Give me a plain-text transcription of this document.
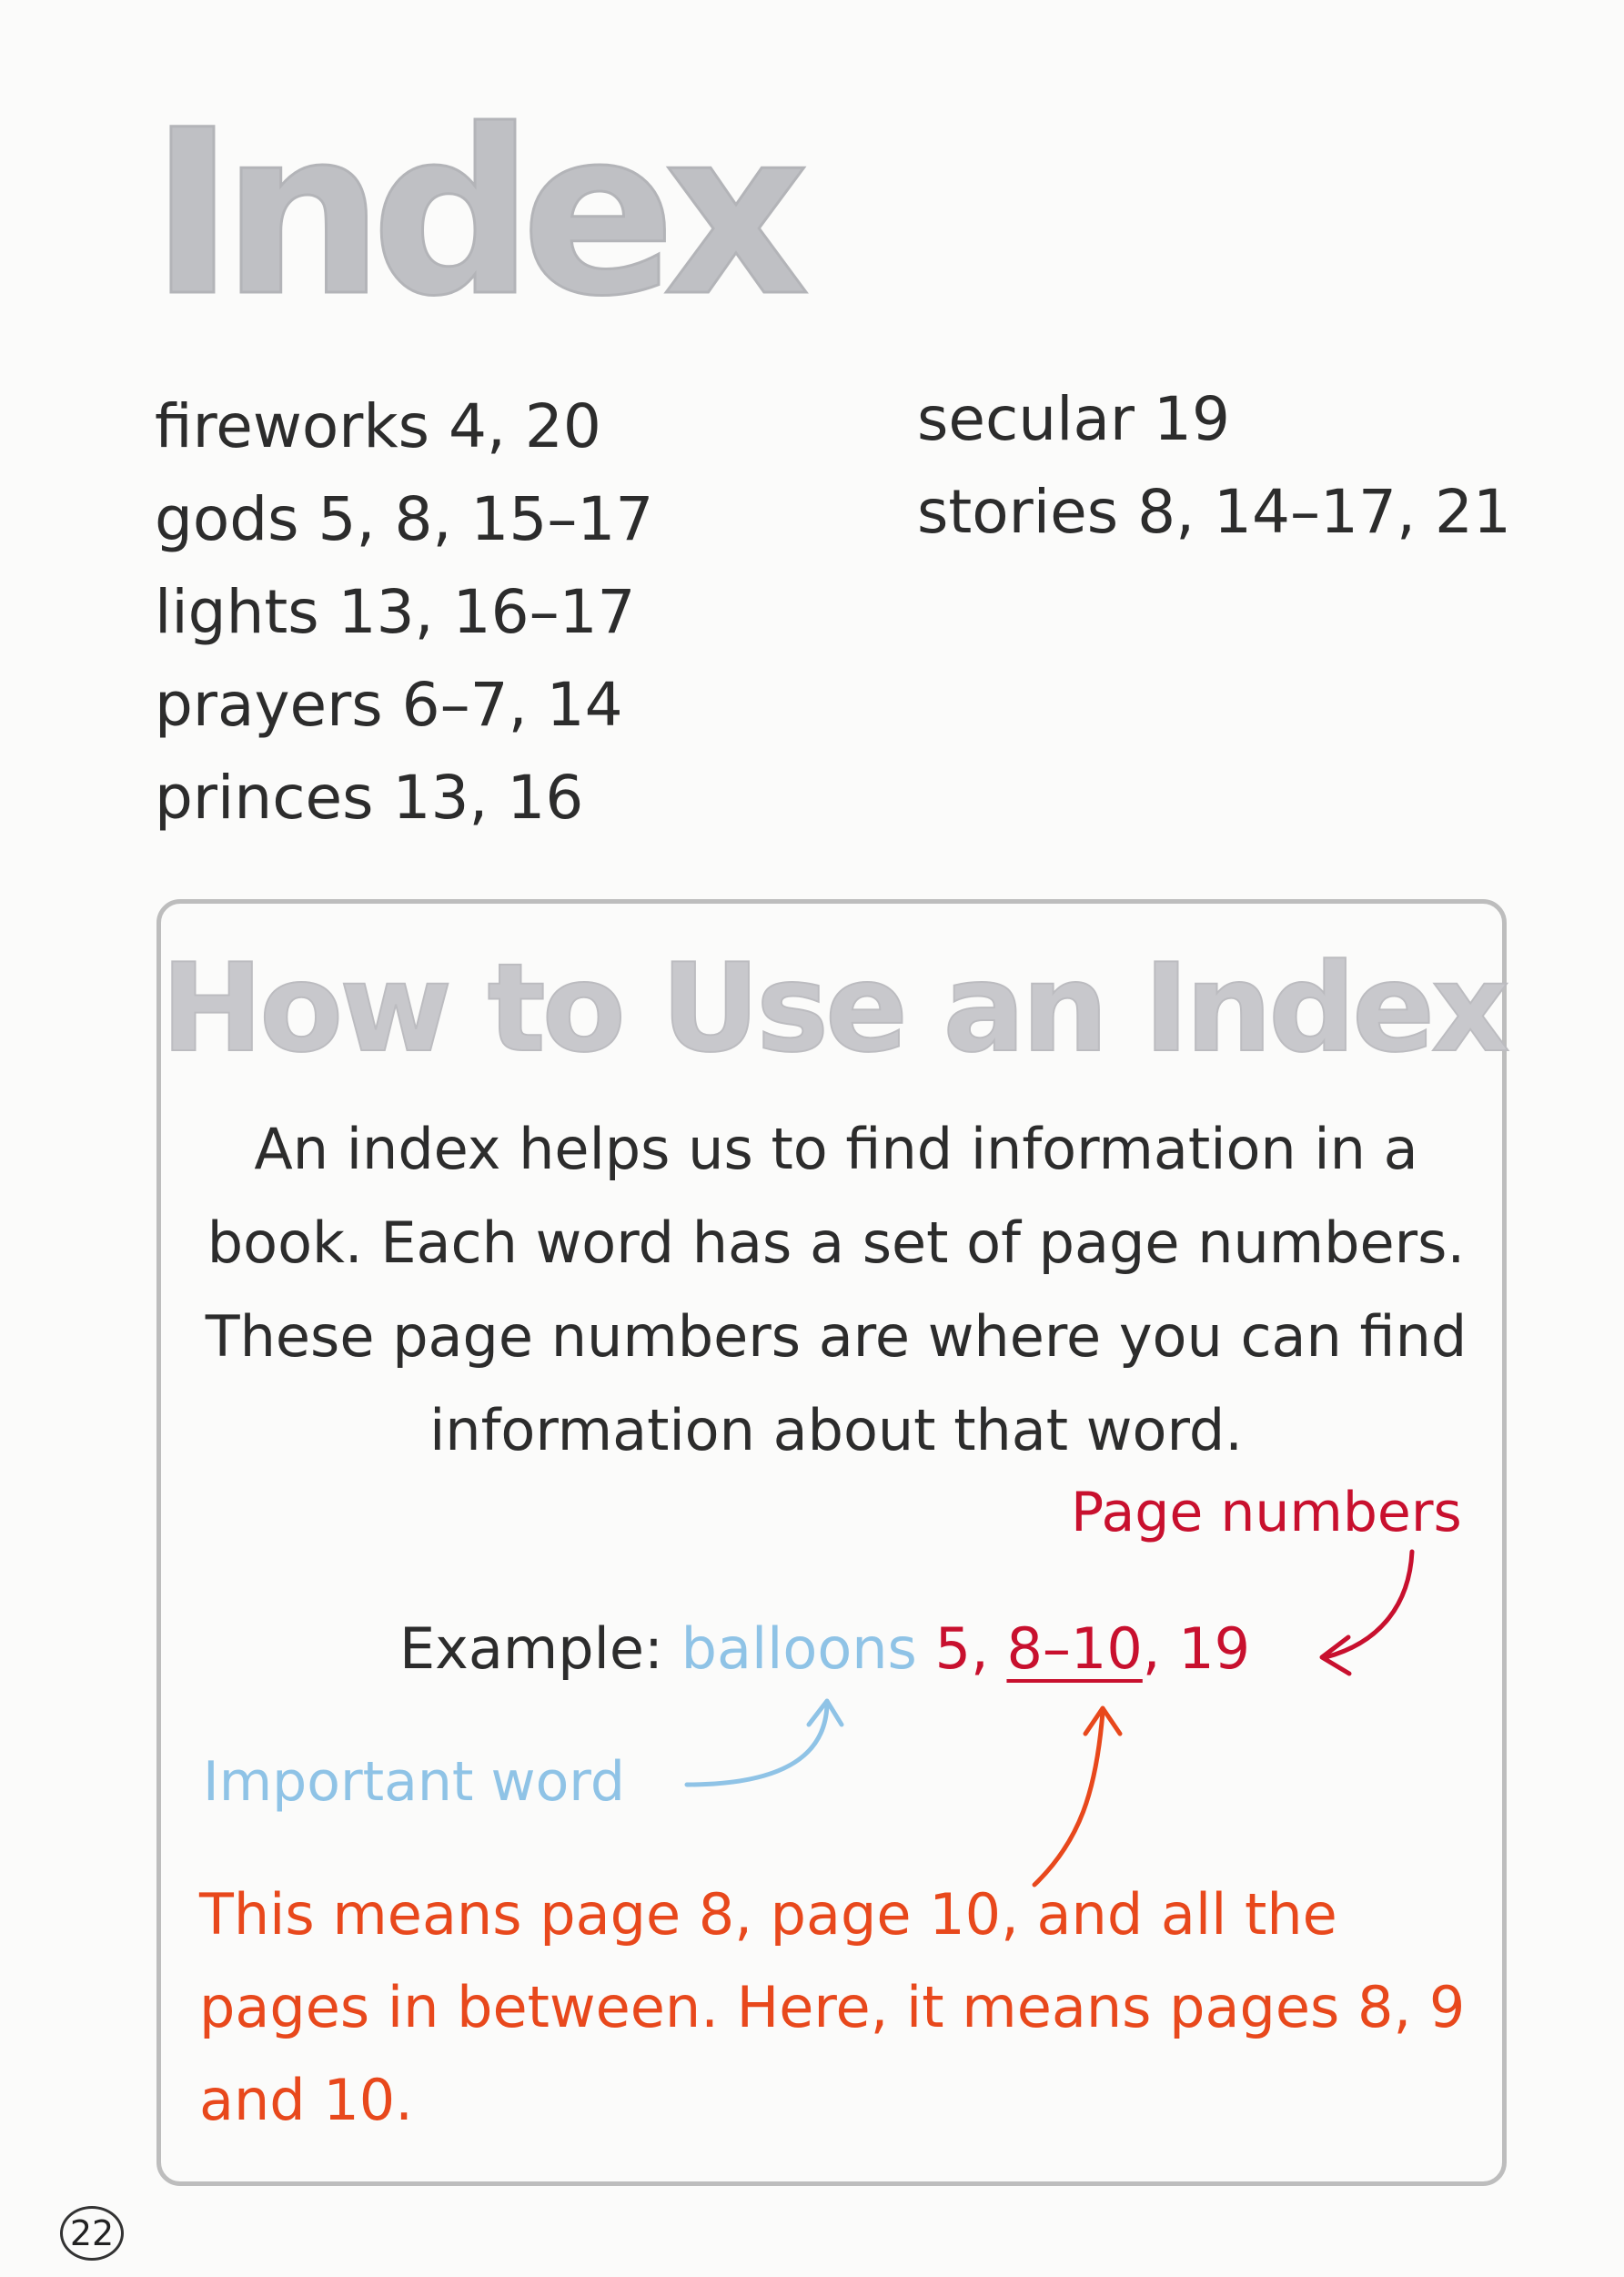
Index
fireworks 4, 20
gods 5, 8, 15–17
lights 13, 16–17
prayers 6–7, 14
princes 13, 16
secular 19
stories 8, 14–17, 21
How to Use an Index

An index helps us to find information in a book. Each word has a set of page numbers. These page numbers are where you can find information about that word.

Page numbers
Example: balloons 5, 8–10, 19
Important word

This means page 8, page 10, and all the pages in between. Here, it means pages 8, 9 and 10.

22
